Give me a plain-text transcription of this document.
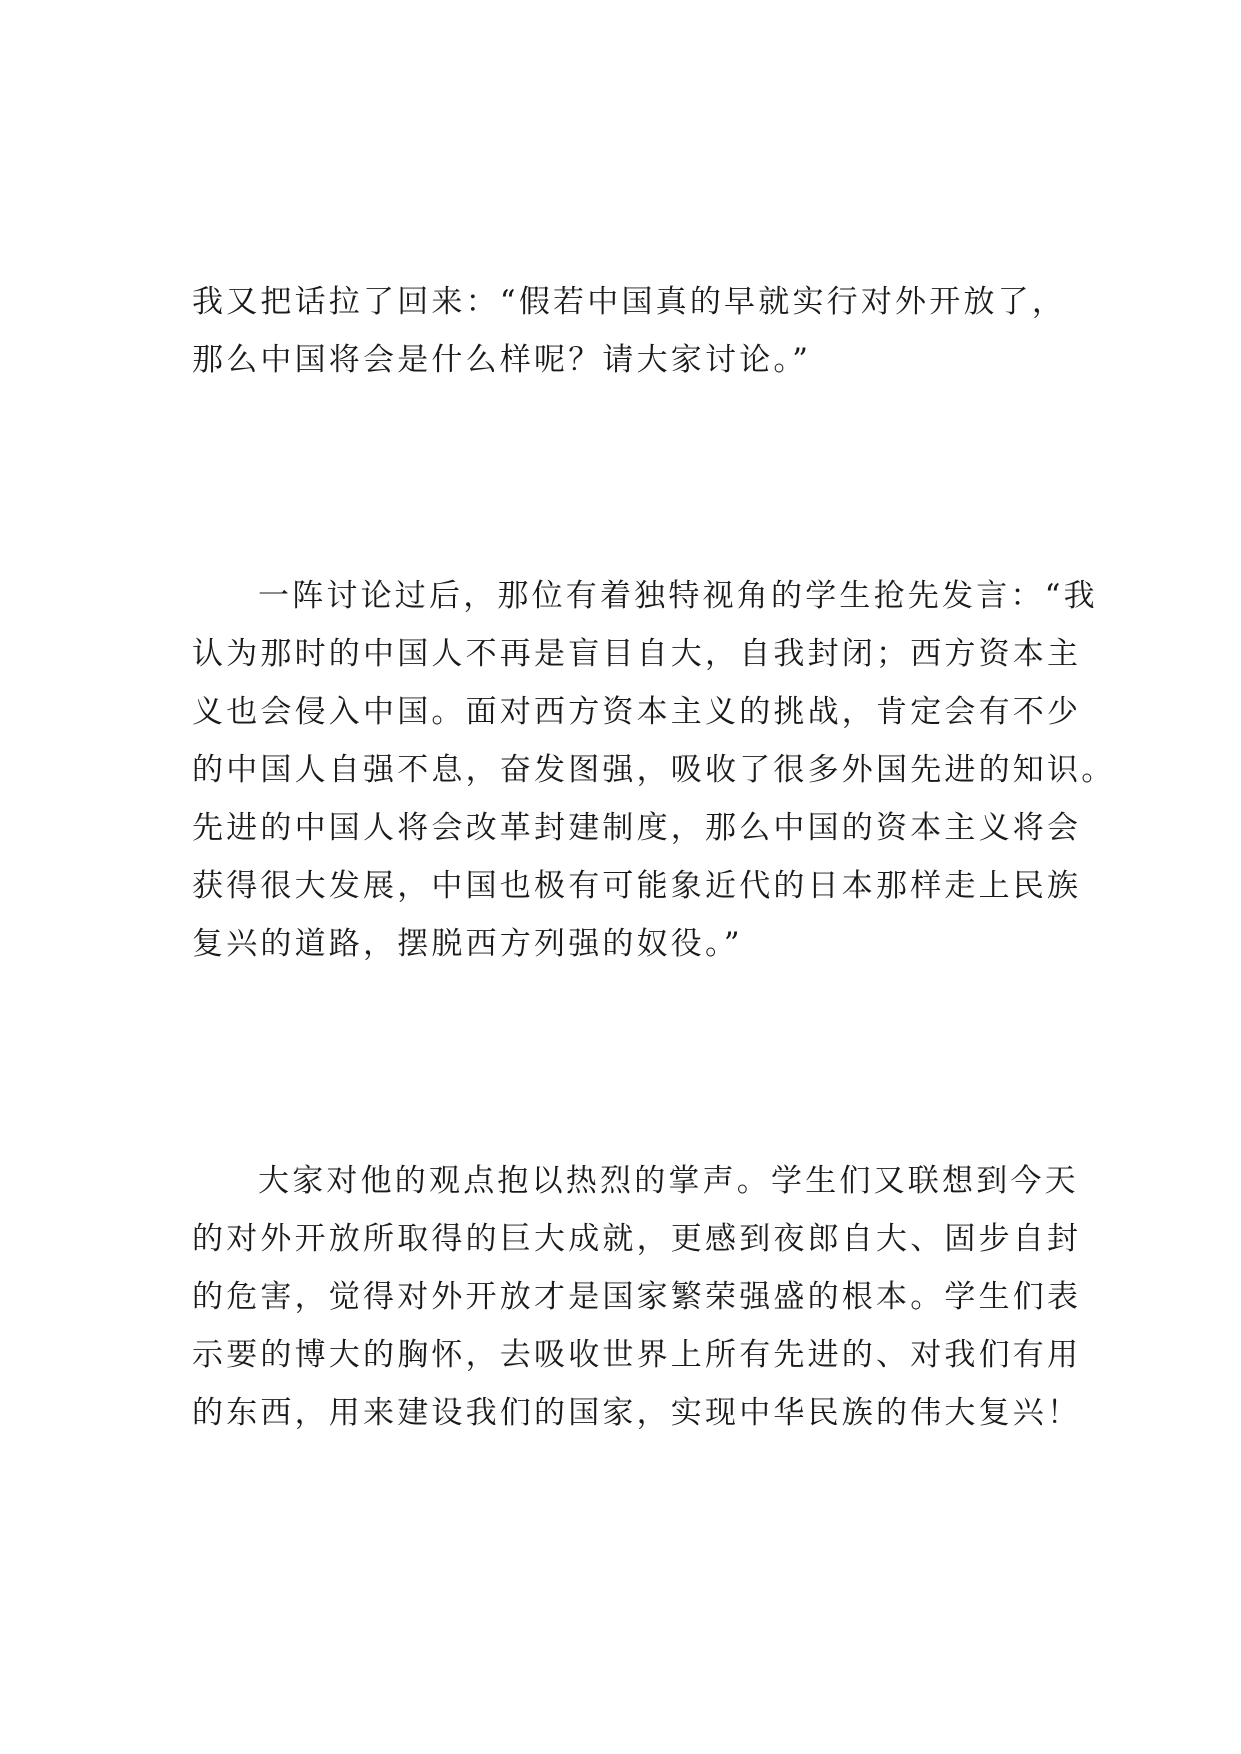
我又把话拉了回来：“假若中国真的早就实行对外开放了，
那么中国将会是什么样呢？请大家讨论。”
一阵讨论过后，那位有着独特视角的学生抢先发言：“我
认为那时的中国人不再是盲目自大，自我封闭；西方资本主
义也会侵入中国。面对西方资本主义的挑战，肯定会有不少
的中国人自强不息，奋发图强，吸收了很多外国先进的知识。
先进的中国人将会改革封建制度，那么中国的资本主义将会
获得很大发展，中国也极有可能象近代的日本那样走上民族
复兴的道路，摆脱西方列强的奴役。”
大家对他的观点抱以热烈的掌声。学生们又联想到今天
的对外开放所取得的巨大成就，更感到夜郎自大、固步自封
的危害，觉得对外开放才是国家繁荣强盛的根本。学生们表
示要的博大的胸怀，去吸收世界上所有先进的、对我们有用
的东西，用来建设我们的国家，实现中华民族的伟大复兴！
